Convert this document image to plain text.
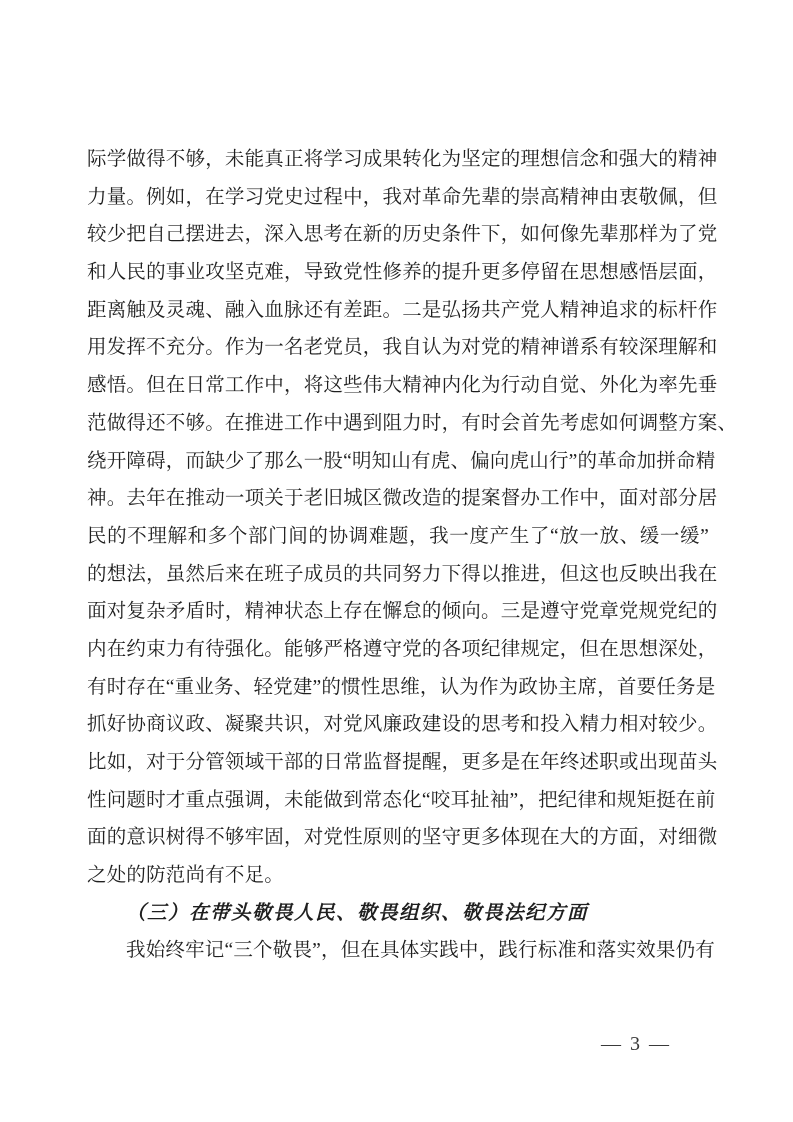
际学做得不够，未能真正将学习成果转化为坚定的理想信念和强大的精神

力量。例如，在学习党史过程中，我对革命先辈的崇高精神由衷敬佩，但

较少把自己摆进去，深入思考在新的历史条件下，如何像先辈那样为了党

和人民的事业攻坚克难，导致党性修养的提升更多停留在思想感悟层面，

距离触及灵魂、融入血脉还有差距。二是弘扬共产党人精神追求的标杆作

用发挥不充分。作为一名老党员，我自认为对党的精神谱系有较深理解和

感悟。但在日常工作中，将这些伟大精神内化为行动自觉、外化为率先垂

范做得还不够。在推进工作中遇到阻力时，有时会首先考虑如何调整方案、

绕开障碍，而缺少了那么一股“明知山有虎、偏向虎山行”的革命加拼命精

神。去年在推动一项关于老旧城区微改造的提案督办工作中，面对部分居

民的不理解和多个部门间的协调难题，我一度产生了“放一放、缓一缓”

的想法，虽然后来在班子成员的共同努力下得以推进，但这也反映出我在

面对复杂矛盾时，精神状态上存在懈怠的倾向。三是遵守党章党规党纪的

内在约束力有待强化。能够严格遵守党的各项纪律规定，但在思想深处，

有时存在“重业务、轻党建”的惯性思维，认为作为政协主席，首要任务是

抓好协商议政、凝聚共识，对党风廉政建设的思考和投入精力相对较少。

比如，对于分管领域干部的日常监督提醒，更多是在年终述职或出现苗头

性问题时才重点强调，未能做到常态化“咬耳扯袖”，把纪律和规矩挺在前

面的意识树得不够牢固，对党性原则的坚守更多体现在大的方面，对细微

之处的防范尚有不足。

（三）在带头敬畏人民、敬畏组织、敬畏法纪方面

我始终牢记“三个敬畏”，但在具体实践中，践行标准和落实效果仍有

— 3 —
